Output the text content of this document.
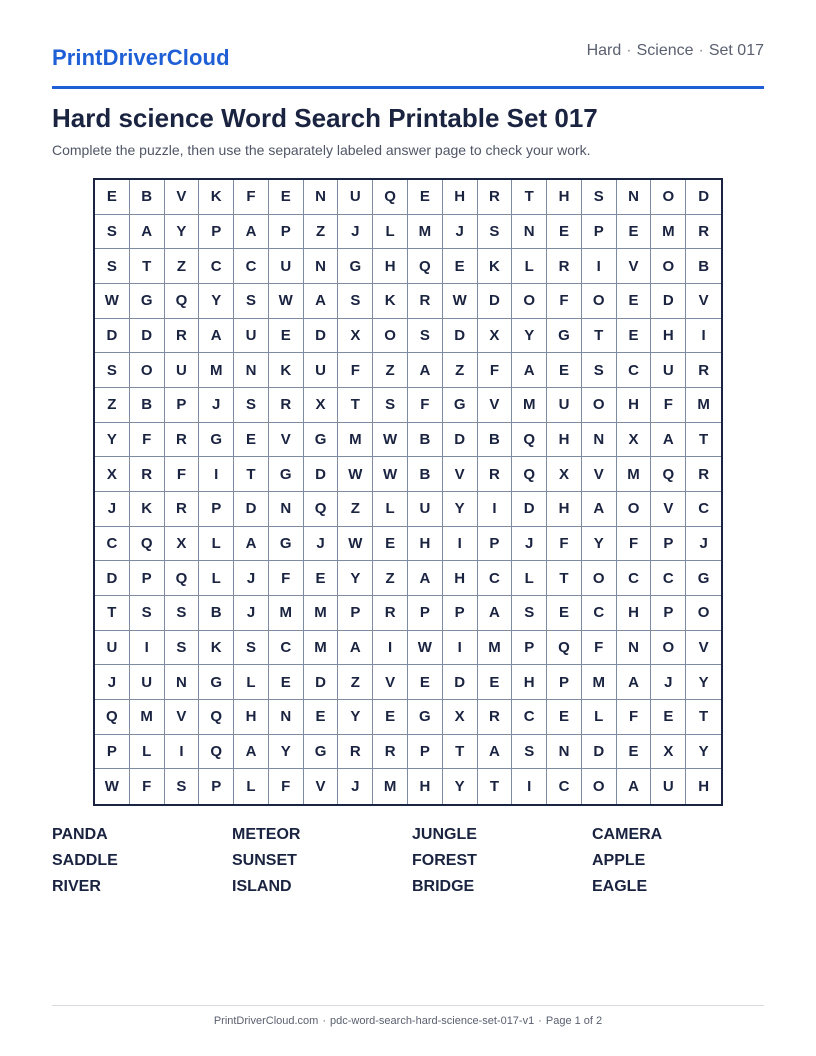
PrintDriverCloud	Hard · Science · Set 017
Hard science Word Search Printable Set 017
Complete the puzzle, then use the separately labeled answer page to check your work.
E	B	V	K	F	E	N	U	Q	E	H	R	T	H	S	N	O	D
S	A	Y	P	A	P	Z	J	L	M	J	S	N	E	P	E	M	R
S	T	Z	C	C	U	N	G	H	Q	E	K	L	R	I	V	O	B
W	G	Q	Y	S	W	A	S	K	R	W	D	O	F	O	E	D	V
D	D	R	A	U	E	D	X	O	S	D	X	Y	G	T	E	H	I
S	O	U	M	N	K	U	F	Z	A	Z	F	A	E	S	C	U	R
Z	B	P	J	S	R	X	T	S	F	G	V	M	U	O	H	F	M
Y	F	R	G	E	V	G	M	W	B	D	B	Q	H	N	X	A	T
X	R	F	I	T	G	D	W	W	B	V	R	Q	X	V	M	Q	R
J	K	R	P	D	N	Q	Z	L	U	Y	I	D	H	A	O	V	C
C	Q	X	L	A	G	J	W	E	H	I	P	J	F	Y	F	P	J
D	P	Q	L	J	F	E	Y	Z	A	H	C	L	T	O	C	C	G
T	S	S	B	J	M	M	P	R	P	P	A	S	E	C	H	P	O
U	I	S	K	S	C	M	A	I	W	I	M	P	Q	F	N	O	V
J	U	N	G	L	E	D	Z	V	E	D	E	H	P	M	A	J	Y
Q	M	V	Q	H	N	E	Y	E	G	X	R	C	E	L	F	E	T
P	L	I	Q	A	Y	G	R	R	P	T	A	S	N	D	E	X	Y
W	F	S	P	L	F	V	J	M	H	Y	T	I	C	O	A	U	H
PANDA	METEOR	JUNGLE	CAMERA
SADDLE	SUNSET	FOREST	APPLE
RIVER	ISLAND	BRIDGE	EAGLE
PrintDriverCloud.com · pdc-word-search-hard-science-set-017-v1 · Page 1 of 2
